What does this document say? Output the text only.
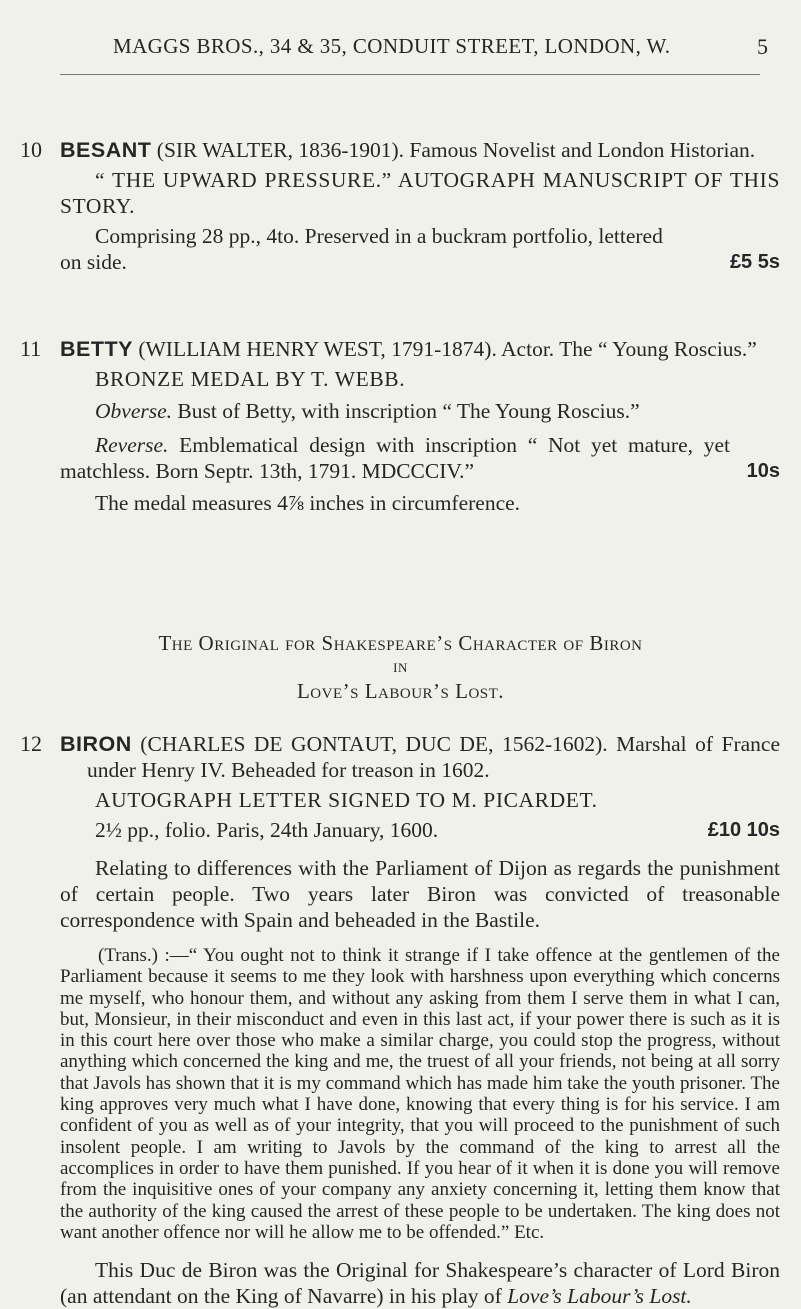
MAGGS BROS., 34 & 35, CONDUIT STREET, LONDON, W.	5
10 BESANT (SIR WALTER, 1836-1901). Famous Novelist and London Historian.

“ THE UPWARD PRESSURE.” AUTOGRAPH MANUSCRIPT OF THIS STORY.

Comprising 28 pp., 4to. Preserved in a buckram portfolio, lettered on side.	£5 5s

11 BETTY (WILLIAM HENRY WEST, 1791-1874). Actor. The “ Young Roscius.”

BRONZE MEDAL BY T. WEBB.

Obverse. Bust of Betty, with inscription “ The Young Roscius.”

Reverse. Emblematical design with inscription “ Not yet mature, yet matchless. Born Septr. 13th, 1791. MDCCCIV.”	10s

The medal measures 4⅞ inches in circumference.

The Original for Shakespeare’s Character of Biron

in

Love’s Labour’s Lost.

12 BIRON (CHARLES DE GONTAUT, DUC DE, 1562-1602). Marshal of France under Henry IV. Beheaded for treason in 1602.

AUTOGRAPH LETTER SIGNED TO M. PICARDET.

2½ pp., folio. Paris, 24th January, 1600.	£10 10s

Relating to differences with the Parliament of Dijon as regards the punishment of certain people. Two years later Biron was convicted of treasonable correspondence with Spain and beheaded in the Bastile.

(Trans.) :—“ You ought not to think it strange if I take offence at the gentlemen of the Parliament because it seems to me they look with harshness upon everything which concerns me myself, who honour them, and without any asking from them I serve them in what I can, but, Monsieur, in their misconduct and even in this last act, if your power there is such as it is in this court here over those who make a similar charge, you could stop the progress, without anything which concerned the king and me, the truest of all your friends, not being at all sorry that Javols has shown that it is my command which has made him take the youth prisoner. The king approves very much what I have done, knowing that every thing is for his service. I am confident of you as well as of your integrity, that you will proceed to the punishment of such insolent people. I am writing to Javols by the command of the king to arrest all the accomplices in order to have them punished. If you hear of it when it is done you will remove from the inquisitive ones of your company any anxiety concerning it, letting them know that the authority of the king caused the arrest of these people to be undertaken. The king does not want another offence nor will he allow me to be offended.” Etc.

This Duc de Biron was the Original for Shakespeare’s character of Lord Biron (an attendant on the King of Navarre) in his play of Love’s Labour’s Lost.
